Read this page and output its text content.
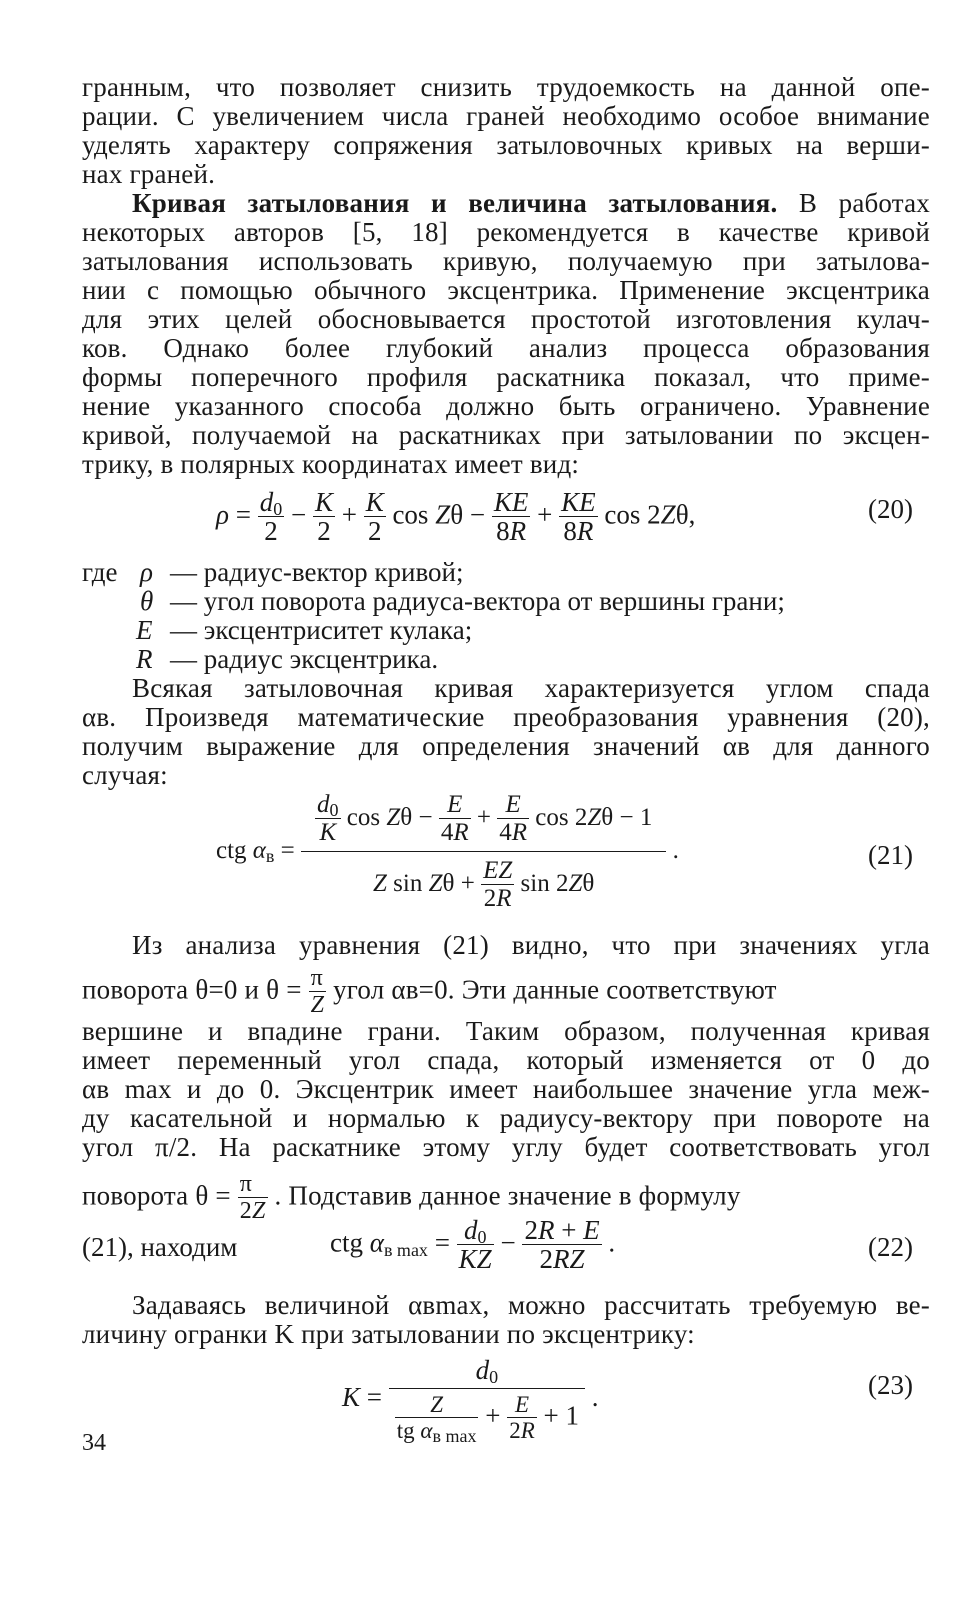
гранным, что позволяет снизить трудоемкость на данной опе-
рации. С увеличением числа граней необходимо особое внимание
уделять характеру сопряжения затыловочных кривых на верши-
нах граней.
Кривая затылования и величина затылования. В работах
некоторых авторов [5, 18] рекомендуется в качестве кривой
затылования использовать кривую, получаемую при затылова-
нии с помощью обычного эксцентрика. Применение эксцентрика
для этих целей обосновывается простотой изготовления кулач-
ков. Однако более глубокий анализ процесса образования
формы поперечного профиля раскатника показал, что приме-
нение указанного способа должно быть ограничено. Уравнение
кривой, получаемой на раскатниках при затыловании по эксцен-
трику, в полярных координатах имеет вид:
$\rho = \frac{d0}{2} - \frac{K}{2} + \frac{K}{2}$ $\cos Z\theta - \frac{KE}{8R} + \frac{KE}{8R}$ cos 2Zθ,	(20)
где ρ — радиус-вектор кривой;
θ — угол поворота радиуса-вектора от вершины грани;
E — эксцентриситет кулака;
R — радиус эксцентрика.
Всякая затыловочная кривая характеризуется углом спада
αв. Произведя математические преобразования уравнения (20),
получим выражение для определения значений αв для данного
случая:
ctg αв =
$\frac{d0}{K}$ $\cos Z\theta - \frac{E}{4R} + \frac{E}{4R}$ cos 2Zθ − 1
Z $\sin Z\theta + \frac{EZ}{2R}$ sin 2Zθ
.	(21)
Из анализа уравнения (21) видно, что при значениях угла
поворота θ=0 и $\theta = \frac{\pi}{Z}$ угол αв=0. Эти данные соответствуют
вершине и впадине грани. Таким образом, полученная кривая
имеет переменный угол спада, который изменяется от 0 до
αв max и до 0. Эксцентрик имеет наибольшее значение угла меж-
ду касательной и нормалью к радиусу-вектору при повороте на
угол π/2. На раскатнике этому углу будет соответствовать угол
поворота $\theta = \frac{\pi}{2Z}$ . Подставив данное значение в формулу
(21), находим	ctg αв $\max = \frac{d0}{KZ} - \frac{2R + E}{2RZ}$ .	(22)
Задаваясь величиной αвmax, можно рассчитать требуемую ве-
личину огранки K при затыловании по эксцентрику:
$K = \frac{d0}{\frac{Z}{\text{tg αв max}} + \frac{E}{2R} + 1}$ .	(23)
34
